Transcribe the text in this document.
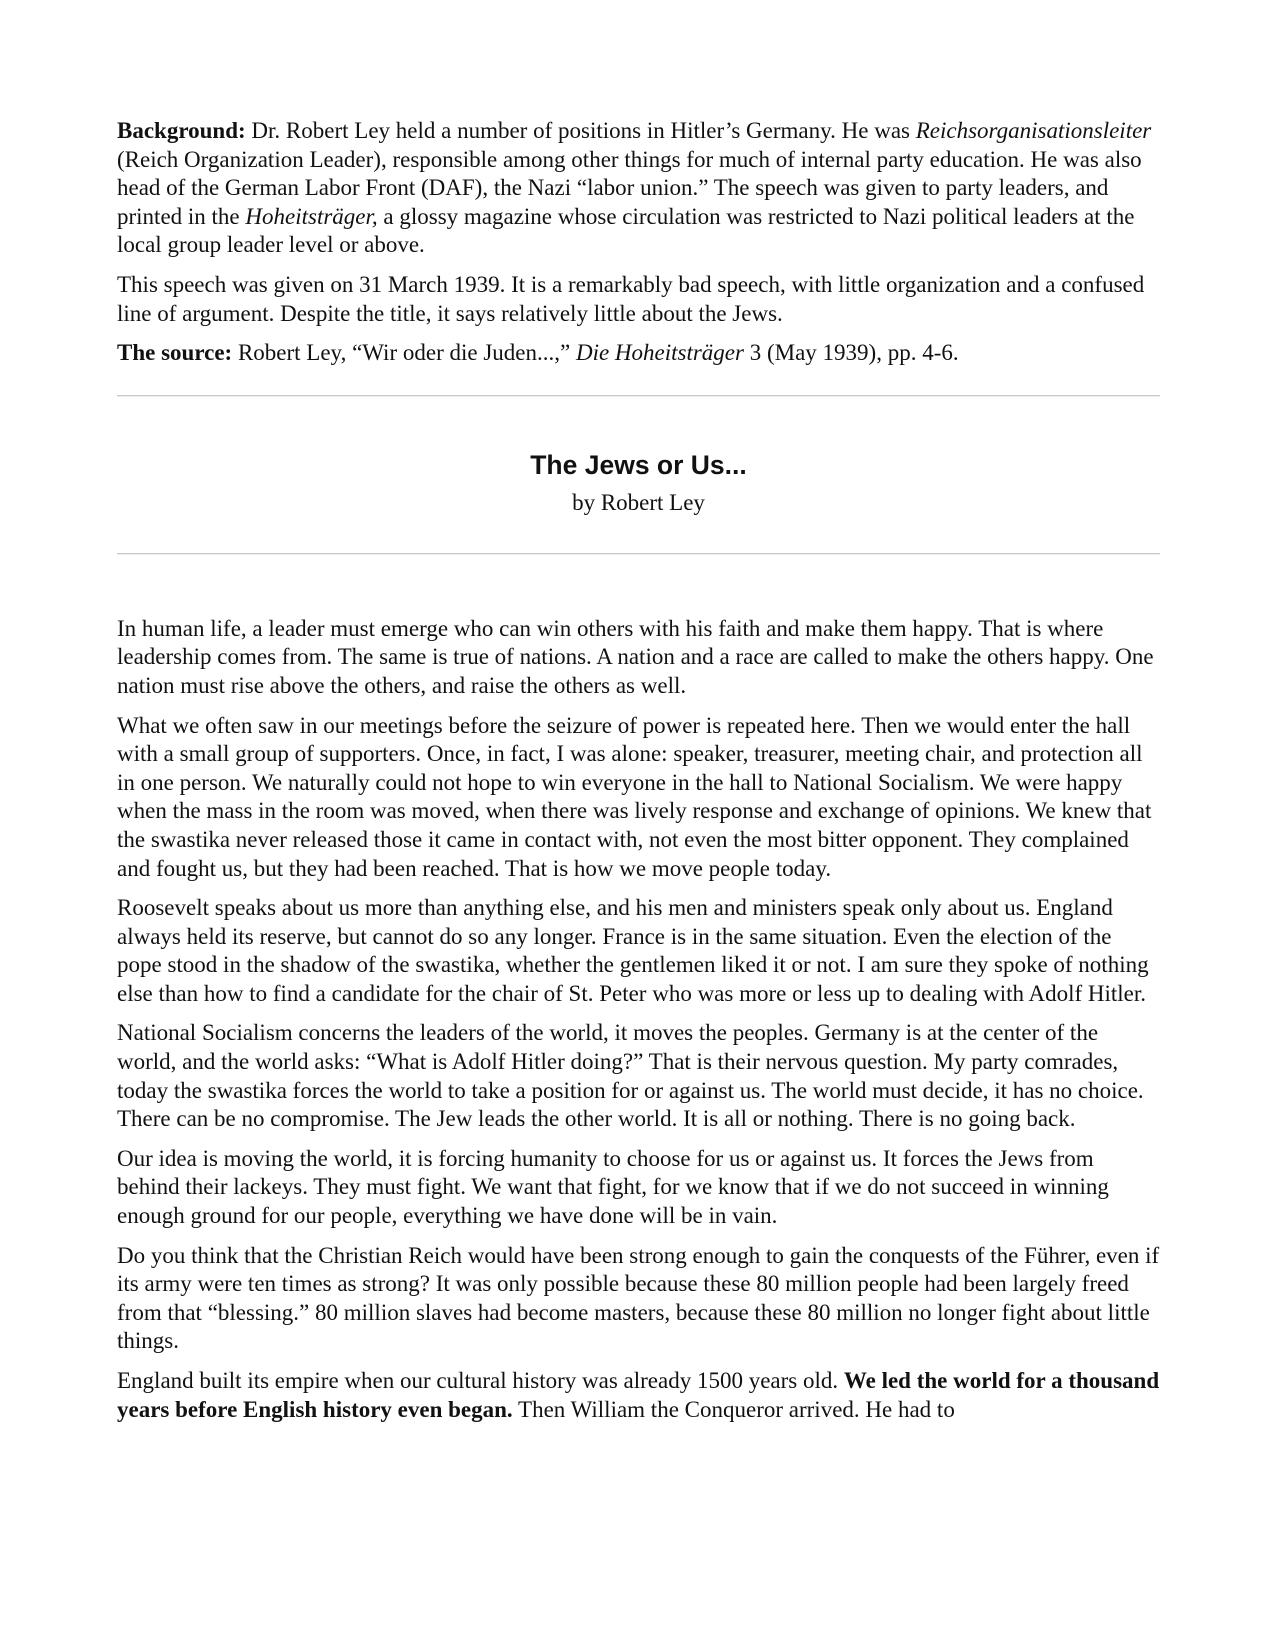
Background: Dr. Robert Ley held a number of positions in Hitler’s Germany. He was Reichsorganisationsleiter (Reich Organization Leader), responsible among other things for much of internal party education. He was also head of the German Labor Front (DAF), the Nazi “labor union.” The speech was given to party leaders, and printed in the Hoheitsträger, a glossy magazine whose circulation was restricted to Nazi political leaders at the local group leader level or above.

This speech was given on 31 March 1939. It is a remarkably bad speech, with little organization and a confused line of argument. Despite the title, it says relatively little about the Jews.

The source: Robert Ley, “Wir oder die Juden...,” Die Hoheitsträger 3 (May 1939), pp. 4-6.

The Jews or Us...

by Robert Ley

In human life, a leader must emerge who can win others with his faith and make them happy. That is where leadership comes from. The same is true of nations. A nation and a race are called to make the others happy. One nation must rise above the others, and raise the others as well.

What we often saw in our meetings before the seizure of power is repeated here. Then we would enter the hall with a small group of supporters. Once, in fact, I was alone: speaker, treasurer, meeting chair, and protection all in one person. We naturally could not hope to win everyone in the hall to National Socialism. We were happy when the mass in the room was moved, when there was lively response and exchange of opinions. We knew that the swastika never released those it came in contact with, not even the most bitter opponent. They complained and fought us, but they had been reached. That is how we move people today.

Roosevelt speaks about us more than anything else, and his men and ministers speak only about us. England always held its reserve, but cannot do so any longer. France is in the same situation. Even the election of the pope stood in the shadow of the swastika, whether the gentlemen liked it or not. I am sure they spoke of nothing else than how to find a candidate for the chair of St. Peter who was more or less up to dealing with Adolf Hitler.

National Socialism concerns the leaders of the world, it moves the peoples. Germany is at the center of the world, and the world asks: “What is Adolf Hitler doing?” That is their nervous question. My party comrades, today the swastika forces the world to take a position for or against us. The world must decide, it has no choice. There can be no compromise. The Jew leads the other world. It is all or nothing. There is no going back.

Our idea is moving the world, it is forcing humanity to choose for us or against us. It forces the Jews from behind their lackeys. They must fight. We want that fight, for we know that if we do not succeed in winning enough ground for our people, everything we have done will be in vain.

Do you think that the Christian Reich would have been strong enough to gain the conquests of the Führer, even if its army were ten times as strong? It was only possible because these 80 million people had been largely freed from that “blessing.” 80 million slaves had become masters, because these 80 million no longer fight about little things.

England built its empire when our cultural history was already 1500 years old. We led the world for a thousand years before English history even began. Then William the Conqueror arrived. He had to
